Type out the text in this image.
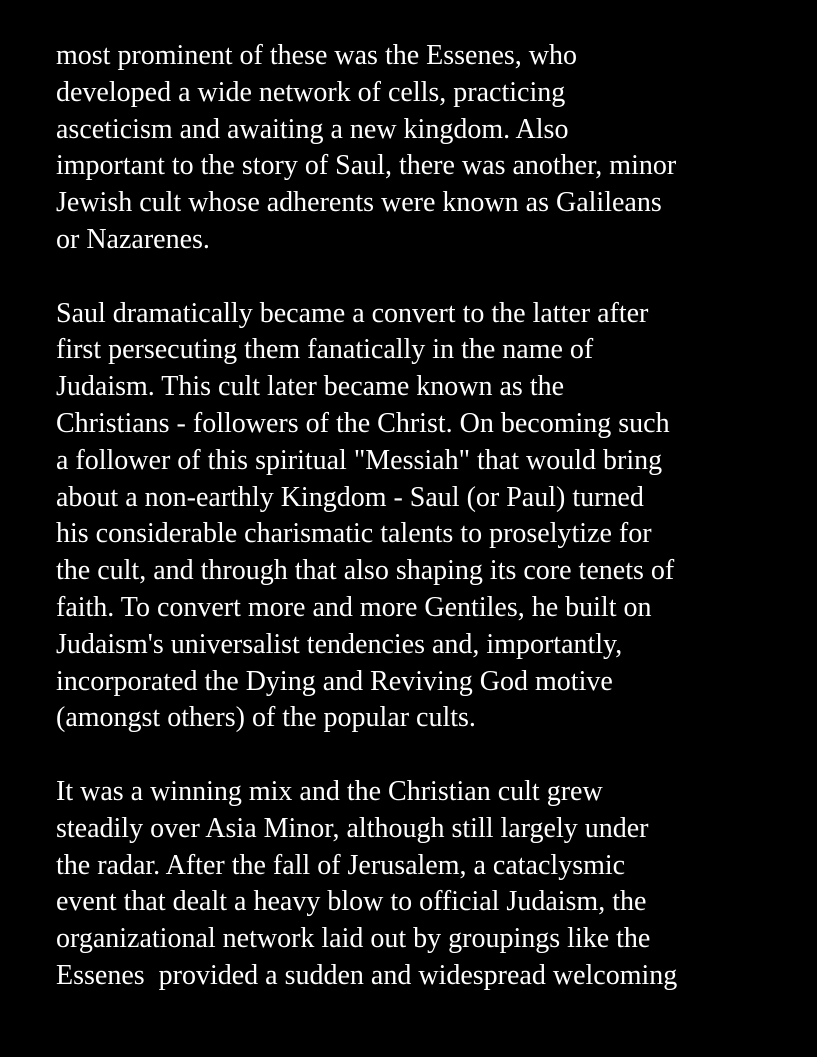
most prominent of these was the Essenes, who
developed a wide network of cells, practicing
asceticism and awaiting a new kingdom. Also
important to the story of Saul, there was another, minor
Jewish cult whose adherents were known as Galileans
or Nazarenes.

Saul dramatically became a convert to the latter after
first persecuting them fanatically in the name of
Judaism. This cult later became known as the
Christians - followers of the Christ. On becoming such
a follower of this spiritual "Messiah" that would bring
about a non-earthly Kingdom - Saul (or Paul) turned
his considerable charismatic talents to proselytize for
the cult, and through that also shaping its core tenets of
faith. To convert more and more Gentiles, he built on
Judaism's universalist tendencies and, importantly,
incorporated the Dying and Reviving God motive
(amongst others) of the popular cults.

It was a winning mix and the Christian cult grew
steadily over Asia Minor, although still largely under
the radar. After the fall of Jerusalem, a cataclysmic
event that dealt a heavy blow to official Judaism, the
organizational network laid out by groupings like the
Essenes  provided a sudden and widespread welcoming
